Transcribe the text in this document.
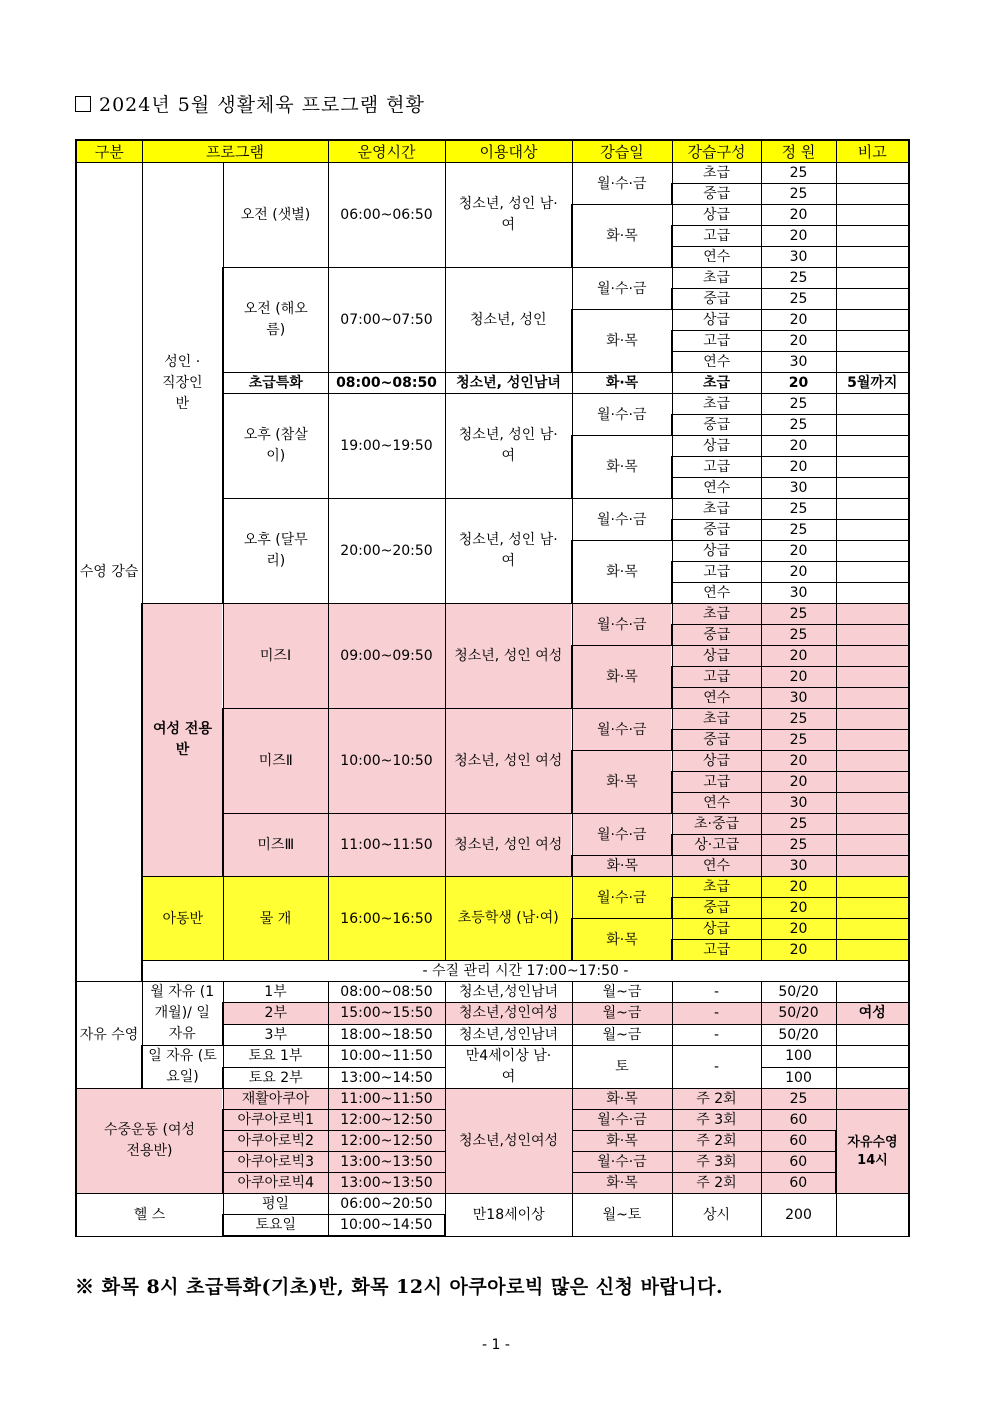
2024년 5월 생활체육 프로그램 현황
구분	프로그램		운영시간	이용대상	강습일	강습구성	정 원	비고
수영 강습	성인 · 직장인 반	오전 (샛별)	06:00~06:50	청소년, 성인 남·여	월·수·금	초급	25	
						중급	25	
					화·목	상급	20	
						고급	20	
						연수	30	
		오전 (해오름)	07:00~07:50	청소년, 성인	월·수·금	초급	25	
						중급	25	
					화·목	상급	20	
						고급	20	
						연수	30	
		초급특화	08:00~08:50	청소년, 성인남녀	화·목	초급	20	5월까지
		오후 (참살이)	19:00~19:50	청소년, 성인 남·여	월·수·금	초급	25	
						중급	25	
					화·목	상급	20	
						고급	20	
						연수	30	
		오후 (달무리)	20:00~20:50	청소년, 성인 남·여	월·수·금	초급	25	
						중급	25	
					화·목	상급	20	
						고급	20	
						연수	30	
	여성 전용반	미즈Ⅰ	09:00~09:50	청소년, 성인 여성	월·수·금	초급	25	
						중급	25	
					화·목	상급	20	
						고급	20	
						연수	30	
		미즈Ⅱ	10:00~10:50	청소년, 성인 여성	월·수·금	초급	25	
						중급	25	
					화·목	상급	20	
						고급	20	
						연수	30	
		미즈Ⅲ	11:00~11:50	청소년, 성인 여성	월·수·금	초·중급	25	
						상·고급	25	
					화·목	연수	30	
	아동반	물 개	16:00~16:50	초등학생 (남·여)	월·수·금	초급	20	
						중급	20	
					화·목	상급	20	
						고급	20	
	- 수질 관리 시간 17:00~17:50 -							
자유 수영	월 자유 (1개월)/ 일 자유	1부	08:00~08:50	청소년,성인남녀	월~금	-	50/20	
		2부	15:00~15:50	청소년,성인여성	월~금	-	50/20	여성
		3부	18:00~18:50	청소년,성인남녀	월~금	-	50/20	
	일 자유 (토요일)	토요 1부	10:00~11:50	만4세이상 남·여	토	-	100	
		토요 2부	13:00~14:50				100	
수중운동 (여성전용반)		재활아쿠아	11:00~11:50	청소년,성인여성	화·목	주 2회	25	
		아쿠아로빅1	12:00~12:50		월·수·금	주 3회	60	자유수영 14시
		아쿠아로빅2	12:00~12:50		화·목	주 2회	60	
		아쿠아로빅3	13:00~13:50		월·수·금	주 3회	60	
		아쿠아로빅4	13:00~13:50		화·목	주 2회	60	
헬 스		평일	06:00~20:50	만18세이상	월~토	상시	200	
		토요일	10:00~14:50					
※ 화목 8시 초급특화(기초)반, 화목 12시 아쿠아로빅 많은 신청 바랍니다.
- 1 -
